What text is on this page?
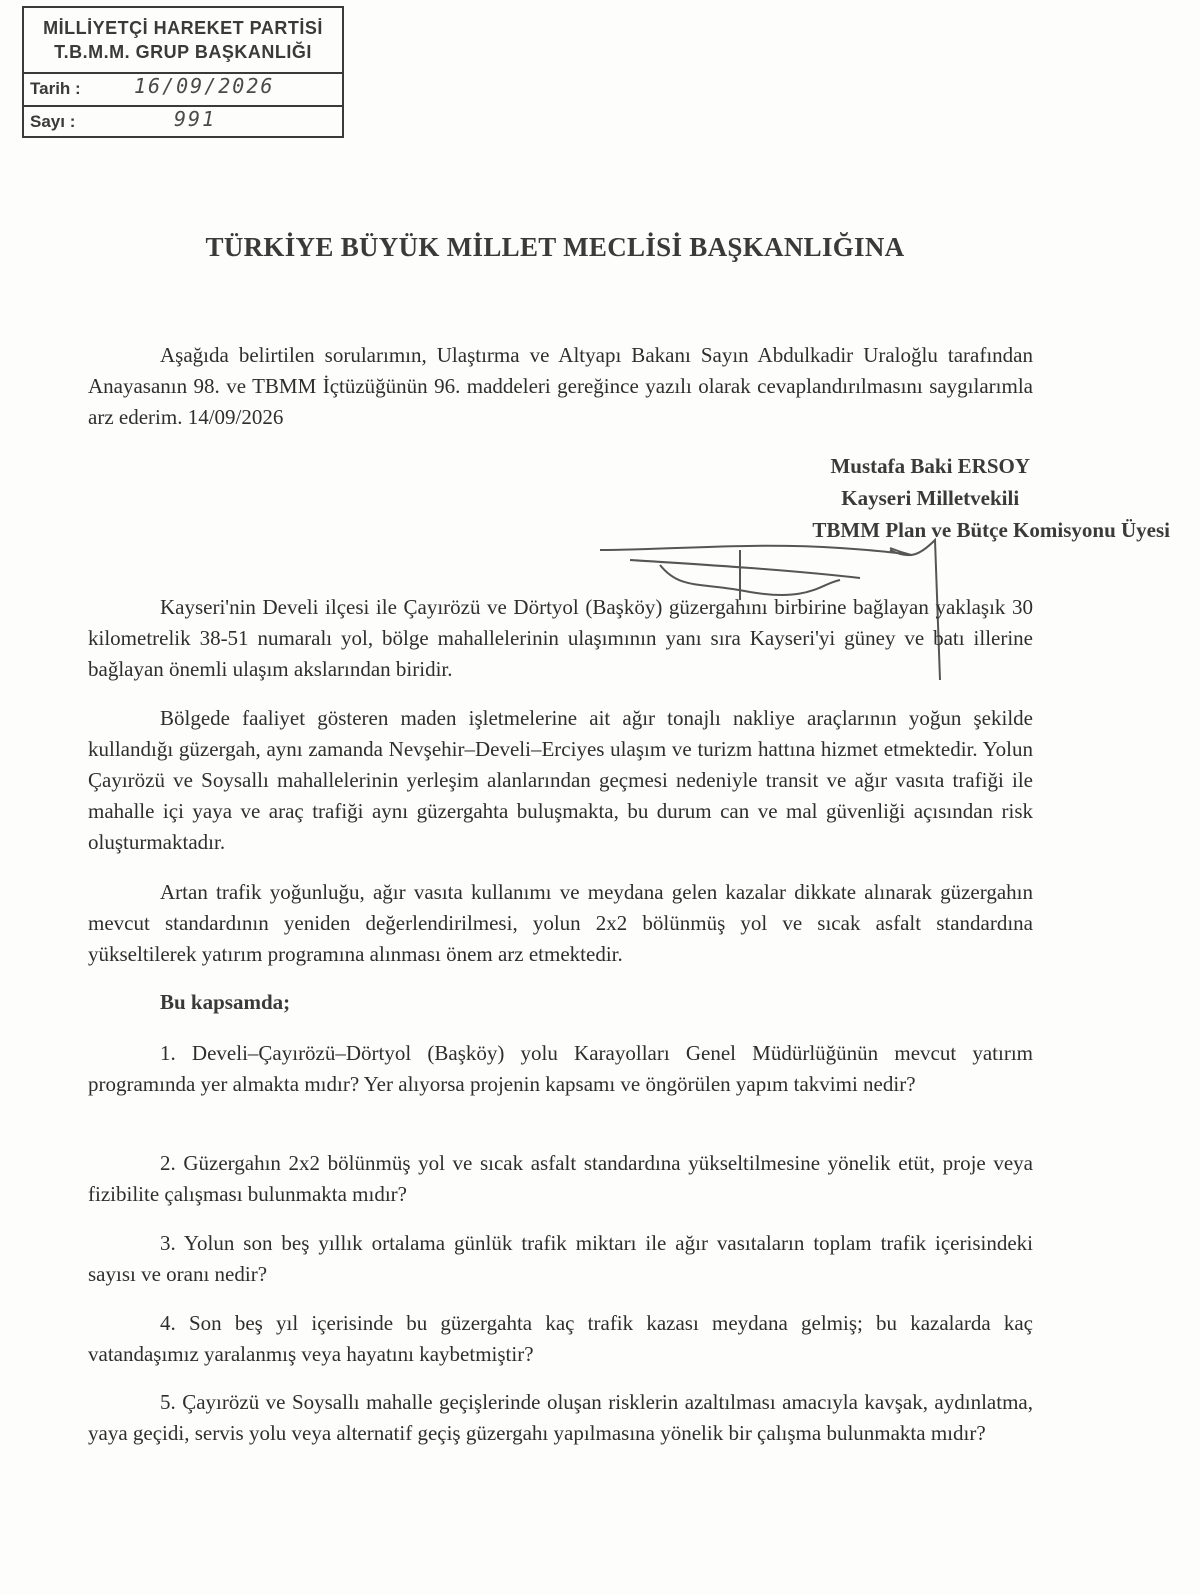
MİLLİYETÇİ HAREKET PARTİSİ
T.B.M.M. GRUP BAŞKANLIĞI
Tarih :	16/09/2026
Sayı :	991
TÜRKİYE BÜYÜK MİLLET MECLİSİ BAŞKANLIĞINA

Aşağıda belirtilen sorularımın, Ulaştırma ve Altyapı Bakanı Sayın Abdulkadir Uraloğlu tarafından Anayasanın 98. ve TBMM İçtüzüğünün 96. maddeleri gereğince yazılı olarak cevaplandırılmasını saygılarımla arz ederim. 14/09/2026

Mustafa Baki ERSOY
Kayseri Milletvekili
TBMM Plan ve Bütçe Komisyonu Üyesi

Kayseri'nin Develi ilçesi ile Çayırözü ve Dörtyol (Başköy) güzergahını birbirine bağlayan yaklaşık 30 kilometrelik 38-51 numaralı yol, bölge mahallelerinin ulaşımının yanı sıra Kayseri'yi güney ve batı illerine bağlayan önemli ulaşım akslarından biridir.

Bölgede faaliyet gösteren maden işletmelerine ait ağır tonajlı nakliye araçlarının yoğun şekilde kullandığı güzergah, aynı zamanda Nevşehir–Develi–Erciyes ulaşım ve turizm hattına hizmet etmektedir. Yolun Çayırözü ve Soysallı mahallelerinin yerleşim alanlarından geçmesi nedeniyle transit ve ağır vasıta trafiği ile mahalle içi yaya ve araç trafiği aynı güzergahta buluşmakta, bu durum can ve mal güvenliği açısından risk oluşturmaktadır.

Artan trafik yoğunluğu, ağır vasıta kullanımı ve meydana gelen kazalar dikkate alınarak güzergahın mevcut standardının yeniden değerlendirilmesi, yolun 2x2 bölünmüş yol ve sıcak asfalt standardına yükseltilerek yatırım programına alınması önem arz etmektedir.

Bu kapsamda;

1. Develi–Çayırözü–Dörtyol (Başköy) yolu Karayolları Genel Müdürlüğünün mevcut yatırım programında yer almakta mıdır? Yer alıyorsa projenin kapsamı ve öngörülen yapım takvimi nedir?

2. Güzergahın 2x2 bölünmüş yol ve sıcak asfalt standardına yükseltilmesine yönelik etüt, proje veya fizibilite çalışması bulunmakta mıdır?

3. Yolun son beş yıllık ortalama günlük trafik miktarı ile ağır vasıtaların toplam trafik içerisindeki sayısı ve oranı nedir?

4. Son beş yıl içerisinde bu güzergahta kaç trafik kazası meydana gelmiş; bu kazalarda kaç vatandaşımız yaralanmış veya hayatını kaybetmiştir?

5. Çayırözü ve Soysallı mahalle geçişlerinde oluşan risklerin azaltılması amacıyla kavşak, aydınlatma, yaya geçidi, servis yolu veya alternatif geçiş güzergahı yapılmasına yönelik bir çalışma bulunmakta mıdır?
